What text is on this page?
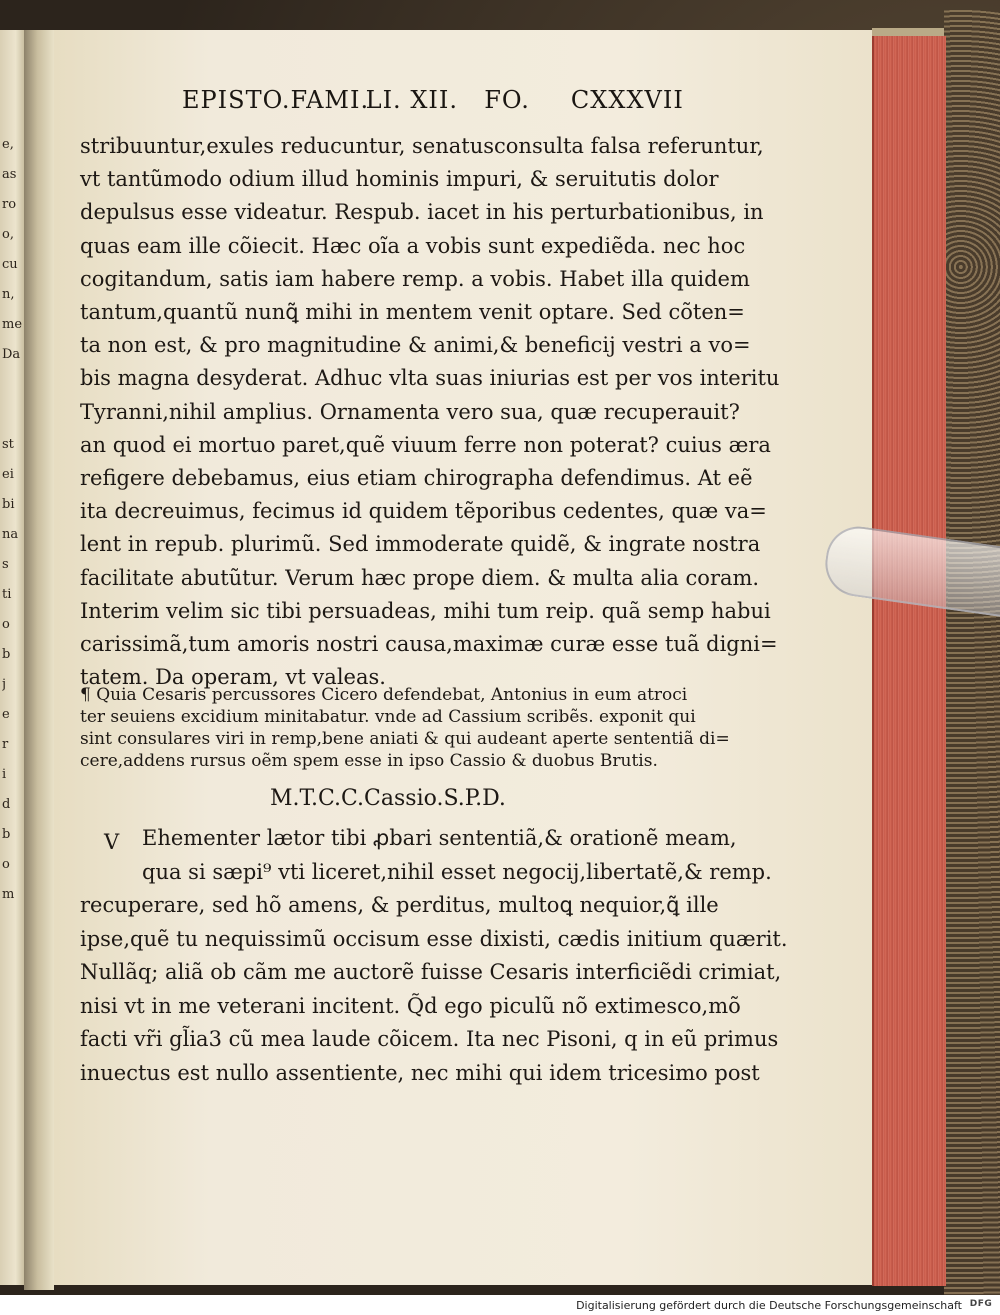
e,
as
ro
o,
cu
n,
me
Da
st
ei
bi
na
s
ti
o
b
j
e
r
i
d
b
o
m
EPISTO.FAMI. LI. XII. FO. CXXXVII
stribuuntur,exules reducuntur, senatusconsulta falsa referuntur,
vt tantũmodo odium illud hominis impuri, & seruitutis dolor
depulsus esse videatur. Respub. iacet in his perturbationibus, in
quas eam ille cõiecit. Hæc oĩa a vobis sunt expediẽda. nec hoc
cogitandum, satis iam habere remp. a vobis. Habet illa quidem
tantum,quantũ nunꝗ̃ mihi in mentem venit optare. Sed cõten=
ta non est, & pro magnitudine & animi,& beneficij vestri a vo=
bis magna desyderat. Adhuc vlta suas iniurias est per vos interitu
Tyranni,nihil amplius. Ornamenta vero sua, quæ recuperauit?
an quod ei mortuo paret,quẽ viuum ferre non poterat? cuius æra
refigere debebamus, eius etiam chirographa defendimus. At eẽ
ita decreuimus, fecimus id quidem tẽporibus cedentes, quæ va=
lent in repub. plurimũ. Sed immoderate quidẽ, & ingrate nostra
facilitate abutũtur. Verum hæc prope diem. & multa alia coram.
Interim velim sic tibi persuadeas, mihi tum reip. quã semp habui
carissimã,tum amoris nostri causa,maximæ curæ esse tuã digni=
tatem. Da operam, vt valeas.
¶ Quia Cesaris percussores Cicero defendebat, Antonius in eum atroci
ter seuiens excidium minitabatur. vnde ad Cassium scribẽs. exponit qui
sint consulares viri in remp,bene aniati & qui audeant aperte sententiã di=
cere,addens rursus oẽm spem esse in ipso Cassio & duobus Brutis.
M.T.C.C.Cassio.S.P.D.
V Ehementer lætor tibi ꝓbari sententiã,& orationẽ meam,
qua si sæpi⁹ vti liceret,nihil esset negocij,libertatẽ,& remp.
recuperare, sed hõ amens, & perditus, multoꝗ nequior,ꝗ̃ ille
ipse,quẽ tu nequissimũ occisum esse dixisti, cædis initium quærit.
Nullãq; aliã ob cãm me auctorẽ fuisse Cesaris interficiẽdi crimiat,
nisi vt in me veterani incitent. Q̃d ego piculũ nõ extimesco,mõ
facti vr̃i gl̃ia3 cũ mea laude cõicem. Ita nec Pisoni, q in eũ primus
inuectus est nullo assentiente, nec mihi qui idem tricesimo post
Digitalisierung gefördert durch die Deutsche Forschungsgemeinschaft DFG
